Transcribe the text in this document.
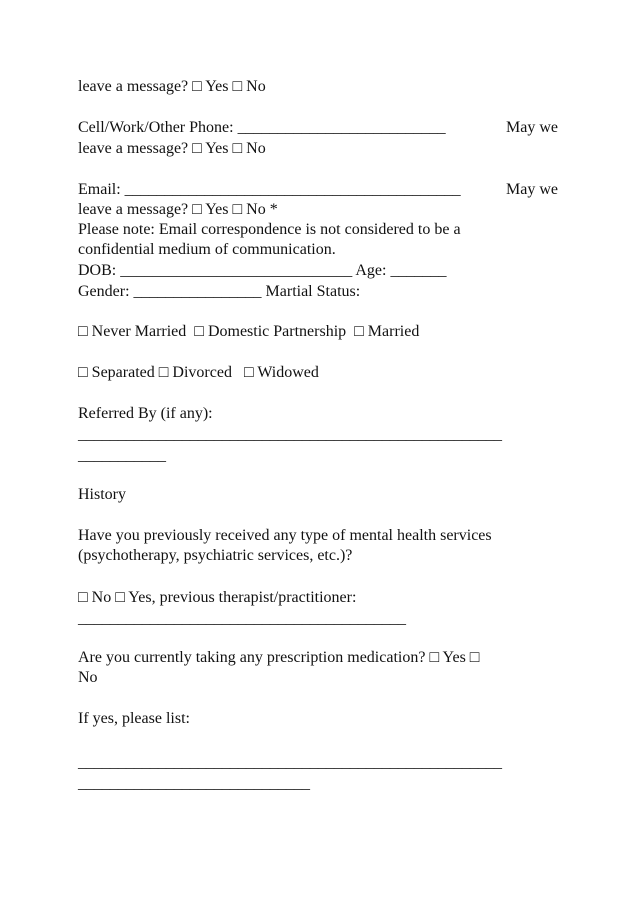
leave a message? □ Yes □ No
Cell/Work/Other Phone: __________________________	May we
leave a message? □ Yes □ No
Email: __________________________________________	May we
leave a message? □ Yes □ No *
Please note: Email correspondence is not considered to be a
confidential medium of communication.
DOB: _____________________________ Age: _______
Gender: ________________ Martial Status:
□ Never Married  □ Domestic Partnership  □ Married
□ Separated □ Divorced   □ Widowed
Referred By (if any):
_____________________________________________________
___________
History
Have you previously received any type of mental health services
(psychotherapy, psychiatric services, etc.)?
□ No □ Yes, previous therapist/practitioner:
_________________________________________
Are you currently taking any prescription medication? □ Yes □
No
If yes, please list:
_____________________________________________________
_____________________________
